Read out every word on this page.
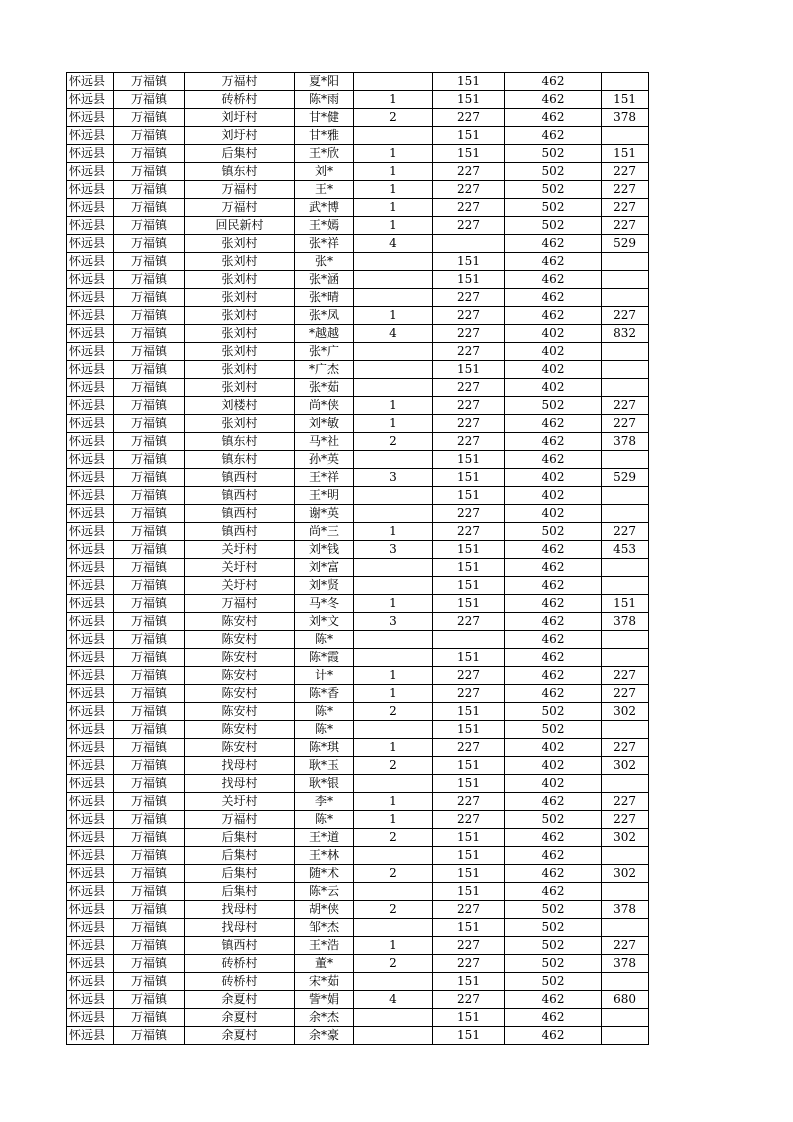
怀远县	万福镇	万福村	夏*阳		151	462	
怀远县	万福镇	砖桥村	陈*雨	1	151	462	151
怀远县	万福镇	刘圩村	甘*健	2	227	462	378
怀远县	万福镇	刘圩村	甘*雅		151	462	
怀远县	万福镇	后集村	王*欣	1	151	502	151
怀远县	万福镇	镇东村	刘*	1	227	502	227
怀远县	万福镇	万福村	王*	1	227	502	227
怀远县	万福镇	万福村	武*博	1	227	502	227
怀远县	万福镇	回民新村	王*嫣	1	227	502	227
怀远县	万福镇	张刘村	张*祥	4		462	529
怀远县	万福镇	张刘村	张*		151	462	
怀远县	万福镇	张刘村	张*涵		151	462	
怀远县	万福镇	张刘村	张*晴		227	462	
怀远县	万福镇	张刘村	张*凤	1	227	462	227
怀远县	万福镇	张刘村	*越越	4	227	402	832
怀远县	万福镇	张刘村	张*广		227	402	
怀远县	万福镇	张刘村	*广杰		151	402	
怀远县	万福镇	张刘村	张*茹		227	402	
怀远县	万福镇	刘楼村	尚*侠	1	227	502	227
怀远县	万福镇	张刘村	刘*敏	1	227	462	227
怀远县	万福镇	镇东村	马*社	2	227	462	378
怀远县	万福镇	镇东村	孙*英		151	462	
怀远县	万福镇	镇西村	王*祥	3	151	402	529
怀远县	万福镇	镇西村	王*明		151	402	
怀远县	万福镇	镇西村	谢*英		227	402	
怀远县	万福镇	镇西村	尚*三	1	227	502	227
怀远县	万福镇	关圩村	刘*钱	3	151	462	453
怀远县	万福镇	关圩村	刘*富		151	462	
怀远县	万福镇	关圩村	刘*贤		151	462	
怀远县	万福镇	万福村	马*冬	1	151	462	151
怀远县	万福镇	陈安村	刘*文	3	227	462	378
怀远县	万福镇	陈安村	陈*			462	
怀远县	万福镇	陈安村	陈*霞		151	462	
怀远县	万福镇	陈安村	计*	1	227	462	227
怀远县	万福镇	陈安村	陈*香	1	227	462	227
怀远县	万福镇	陈安村	陈*	2	151	502	302
怀远县	万福镇	陈安村	陈*		151	502	
怀远县	万福镇	陈安村	陈*琪	1	227	402	227
怀远县	万福镇	找母村	耿*玉	2	151	402	302
怀远县	万福镇	找母村	耿*银		151	402	
怀远县	万福镇	关圩村	李*	1	227	462	227
怀远县	万福镇	万福村	陈*	1	227	502	227
怀远县	万福镇	后集村	王*道	2	151	462	302
怀远县	万福镇	后集村	王*林		151	462	
怀远县	万福镇	后集村	随*术	2	151	462	302
怀远县	万福镇	后集村	陈*云		151	462	
怀远县	万福镇	找母村	胡*侠	2	227	502	378
怀远县	万福镇	找母村	邹*杰		151	502	
怀远县	万福镇	镇西村	王*浩	1	227	502	227
怀远县	万福镇	砖桥村	董*	2	227	502	378
怀远县	万福镇	砖桥村	宋*茹		151	502	
怀远县	万福镇	余夏村	訾*娟	4	227	462	680
怀远县	万福镇	余夏村	余*杰		151	462	
怀远县	万福镇	余夏村	余*豪		151	462	
